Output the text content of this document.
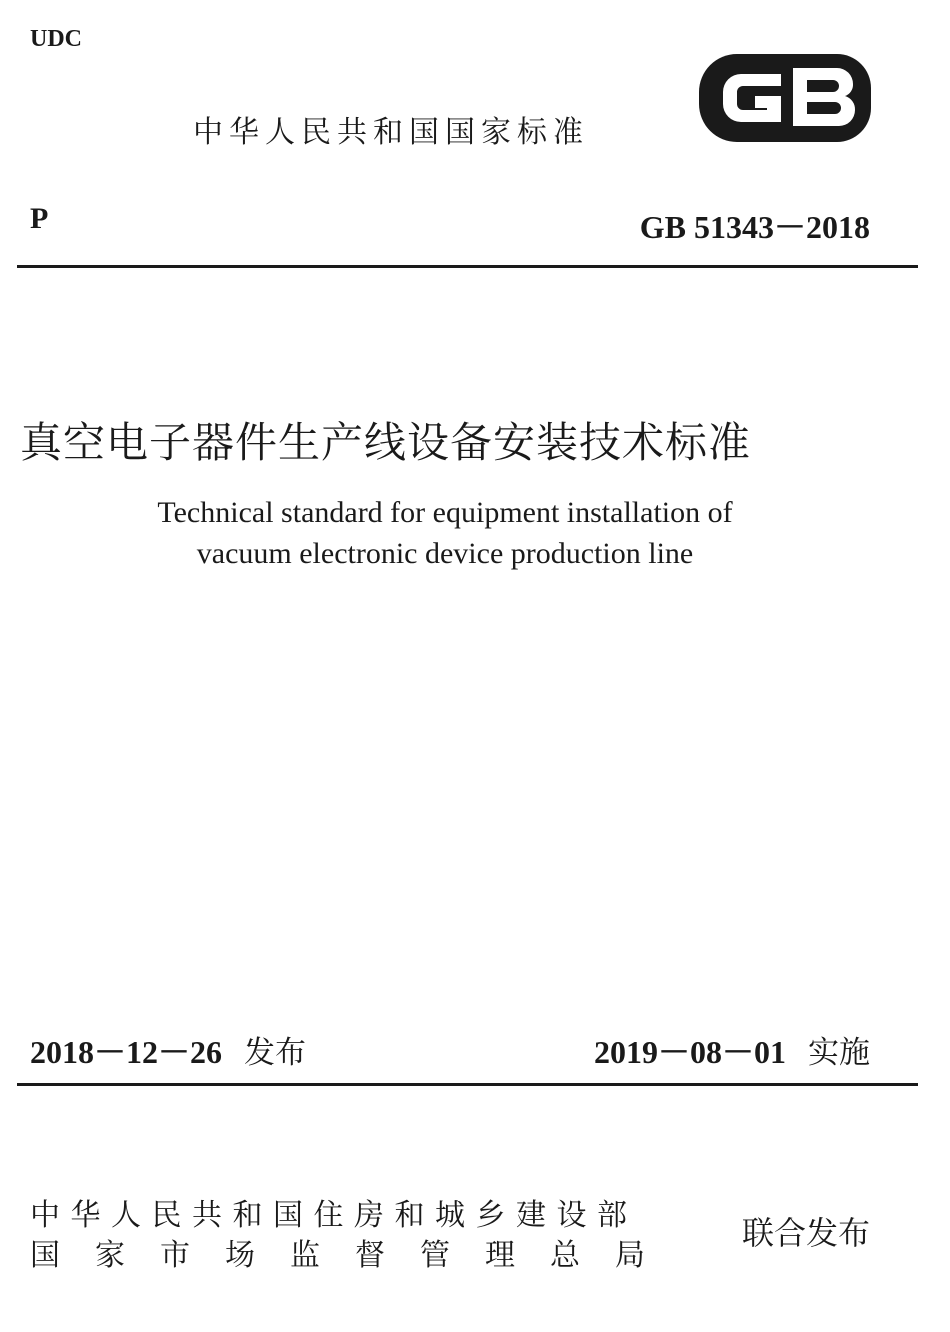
UDC
中华人民共和国国家标准
P	GB 51343－2018
真空电子器件生产线设备安装技术标准
Technical standard for equipment installation of
vacuum electronic device production line
2018－12－26 发布	2019－08－01 实施
中华人民共和国住房和城乡建设部
国家市场监督管理总局
联合发布
